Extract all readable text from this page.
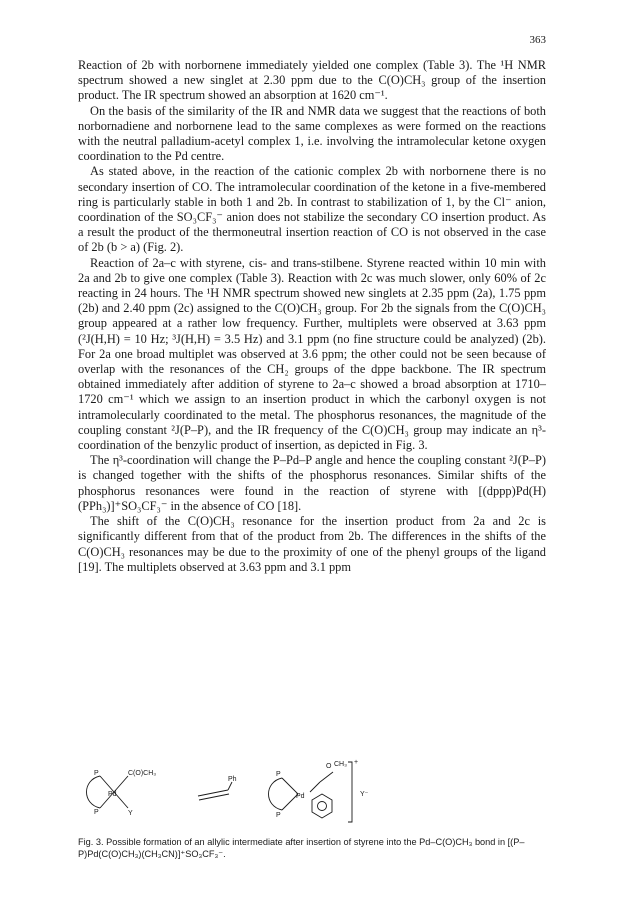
363

Reaction of 2b with norbornene immediately yielded one complex (Table 3). The ¹H NMR spectrum showed a new singlet at 2.30 ppm due to the C(O)CH₃ group of the insertion product. The IR spectrum showed an absorption at 1620 cm⁻¹.

On the basis of the similarity of the IR and NMR data we suggest that the reactions of both norbornadiene and norbornene lead to the same complexes as were formed on the reactions with the neutral palladium-acetyl complex 1, i.e. involving the intramolecular ketone oxygen coordination to the Pd centre.

As stated above, in the reaction of the cationic complex 2b with norbornene there is no secondary insertion of CO. The intramolecular coordination of the ketone in a five-membered ring is particularly stable in both 1 and 2b. In contrast to stabilization of 1, by the Cl⁻ anion, coordination of the SO₃CF₃⁻ anion does not stabilize the secondary CO insertion product. As a result the product of the thermoneutral insertion reaction of CO is not observed in the case of 2b (b > a) (Fig. 2).

Reaction of 2a–c with styrene, cis- and trans-stilbene. Styrene reacted within 10 min with 2a and 2b to give one complex (Table 3). Reaction with 2c was much slower, only 60% of 2c reacting in 24 hours. The ¹H NMR spectrum showed new singlets at 2.35 ppm (2a), 1.75 ppm (2b) and 2.40 ppm (2c) assigned to the C(O)CH₃ group. For 2b the signals from the C(O)CH₃ group appeared at a rather low frequency. Further, multiplets were observed at 3.63 ppm (²J(H,H) = 10 Hz; ³J(H,H) = 3.5 Hz) and 3.1 ppm (no fine structure could be analyzed) (2b). For 2a one broad multiplet was observed at 3.6 ppm; the other could not be seen because of overlap with the resonances of the CH₂ groups of the dppe backbone. The IR spectrum obtained immediately after addition of styrene to 2a–c showed a broad absorption at 1710–1720 cm⁻¹ which we assign to an insertion product in which the carbonyl oxygen is not intramolecularly coordinated to the metal. The phosphorus resonances, the magnitude of the coupling constant ²J(P–P), and the IR frequency of the C(O)CH₃ group may indicate an η³-coordination of the benzylic product of insertion, as depicted in Fig. 3.

The η³-coordination will change the P–Pd–P angle and hence the coupling constant ²J(P–P) is changed together with the shifts of the phosphorus resonances. Similar shifts of the phosphorus resonances were found in the reaction of styrene with [(dppp)Pd(H)(PPh₃)]⁺SO₃CF₃⁻ in the absence of CO [18].

The shift of the C(O)CH₃ resonance for the insertion product from 2a and 2c is significantly different from that of the product from 2b. The differences in the shifts of the C(O)CH₃ resonances may be due to the proximity of one of the phenyl groups of the ligand [19]. The multiplets observed at 3.63 ppm and 3.1 ppm

P
P
Pd
C(O)CH₃
Y
Ph
P
P
Pd
O CH₃ +
Y⁻
Fig. 3. Possible formation of an allylic intermediate after insertion of styrene into the Pd–C(O)CH₃ bond in [(P–P)Pd(C(O)CH₃)(CH₃CN)]⁺SO₃CF₃⁻.
